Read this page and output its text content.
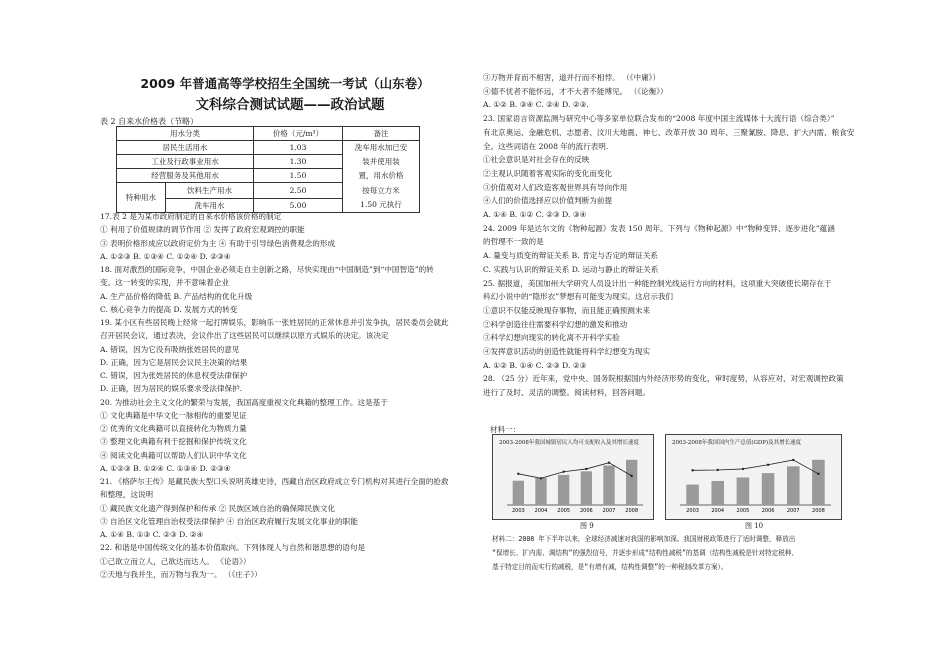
2009 年普通高等学校招生全国统一考试（山东卷）
文科综合测试试题——政治试题
表 2 自来水价格表（节略）
用水分类		价格（元/m³）	备注
居民生活用水		1.03	洗车用水加已安
装并使用装
置，用水价格
按每立方米
1.50 元执行

工业及行政事业用水		1.30	
经营服务及其他用水		1.50	
特种用水	饮料生产用水	2.50	
	洗车用水	5.00	
17.表 2 是为某市政府制定的自来水价格该价格的制定
① 利用了价值规律的调节作用 ② 发挥了政府宏观调控的职能
③ 表明价格形成应以政府定价为主 ④ 有助于引导绿色消费观念的形成
A. ①②③ B. ①③④ C. ①②④ D. ②③④
18. 面对激烈的国际竞争，中国企业必须走自主创新之路，尽快实现由“中国制造”到“中国智造”的转
变。这一转变的实现，并不意味着企业
A. 生产品价格的降低 B. 产品结构的优化升级
C. 核心竞争力的提高 D. 发展方式的转变
19. 某小区有些居民晚上经常一起打牌娱乐，影响乐一张姓居民的正常休息并引发争执，居民委员会就此
召开居民会议，通过表决，会议作出了这些居民可以继续以原方式娱乐的决定。该决定
A. 错误，因为它没有吸纳张姓居民的意见
D. 正确，因为它是居民会议民主决策的结果
C. 错误，因为张姓居民的休息权受法律保护
D. 正确，因为居民的娱乐要求受法律保护.
20. 为推动社会主义文化的繁荣与发展，我国高度重视文化典籍的整理工作。这是基于
① 文化典籍是中华文化一脉相传的重要见证
② 优秀的文化典籍可以直接转化为物质力量
③ 整理文化典籍有利于挖掘和保护传统文化
④ 阅读文化典籍可以帮助人们认识中华文化
A. ①②③ B. ①②④ C. ①③④ D. ②③④
21. 《格萨尔王传》是藏民族大型口头说明英雄史诗，西藏自治区政府成立专门机构对其进行全面的抢救
和整理，这说明
① 藏民族文化遗产得到保护和传承 ② 民族区域自治的确保障民族文化
③ 自治区文化管理自治权受法律保护 ④ 自治区政府履行发展文化事业的职能
A. ①④ B. ①③ C. ②③ D. ②④
22. 和谐是中国传统文化的基本价值取向。下列体现人与自然和谐思想的语句是
①己欲立而立人，己欲达而达人。 《论语》）
②天地与我并生，而万物与我为一。 （《庄子》）
③万物并育而不相害，道并行而不相悖。 （《中庸》）
④德不忧者不能怀远，才不大者不能博见。 （《论衡》）
A. ①② B. ③④ C. ②④ D. ②③.
23. 国家语言资源监测与研究中心等多家单位联合发布的“2008 年度中国主流媒体十大流行语（综合类）”
有北京奥运、金融危机、志愿者、汶川大地震、神七、改革开放 30 周年、三聚氰胺、降息、扩大内需、粮食安
全。这些词语在 2008 年的流行表明.
①社会意识是对社会存在的反映
②主观认识随着客观实际的变化而变化
③价值观对人们改造客观世界具有导向作用
④人们的价值选择应以价值判断为前提
A. ①④ B. ①② C. ②③ D. ③④
24. 2009 年是达尔文的《物种起源》发表 150 周年。下列与《物种起源》中“物种变异、逐步进化”蕴涵
的哲理不一致的是
A. 量变与质变的辩证关系 B. 肯定与否定的辩证关系
C. 实践与认识的辩证关系 D. 运动与静止的辩证关系
25. 据报道，美国加州大学研究人员设计出一种能控制光线运行方向的材料，这项重大突破使长期存在于
科幻小说中的“隐形衣”梦想有可能变为现实。这启示我们
①意识不仅能反映现存事物，而且能正确预测未来
②科学创造往往需要科学幻想的激发和推动
③科学幻想向现实的转化离不开科学实验
④发挥意识活动的创造性就能将科学幻想变为现实
A. ①② B. ①④ C. ②③ D. ②③
28. （25 分）近年来，党中央、国务院根据国内外经济形势的变化，审时度势，从容应对，对宏观调控政策
进行了及时、灵活的调整。阅读材料，回答问题。
材料一：
2003-2008年我国城镇居民人均可支配收入及其增长速度
2003 2004 2005 2006 2007 2008
2003-2008年我国国内生产总值(GDP)及其增长速度
2003 2004 2005 2006 2007 2008
图 9	图 10
材料二：2008 年下半年以来，全球经济减速对我国的影响加深。我国财税政策进行了适时调整，释放出
“保增长、扩内需、调结构”的强烈信号，并逐步形成“结构性减税”的基调（结构性减税是针对特定税种、
基于特定目的而实行的减税，是“有增有减，结构性调整”的一种税制改革方案）。
